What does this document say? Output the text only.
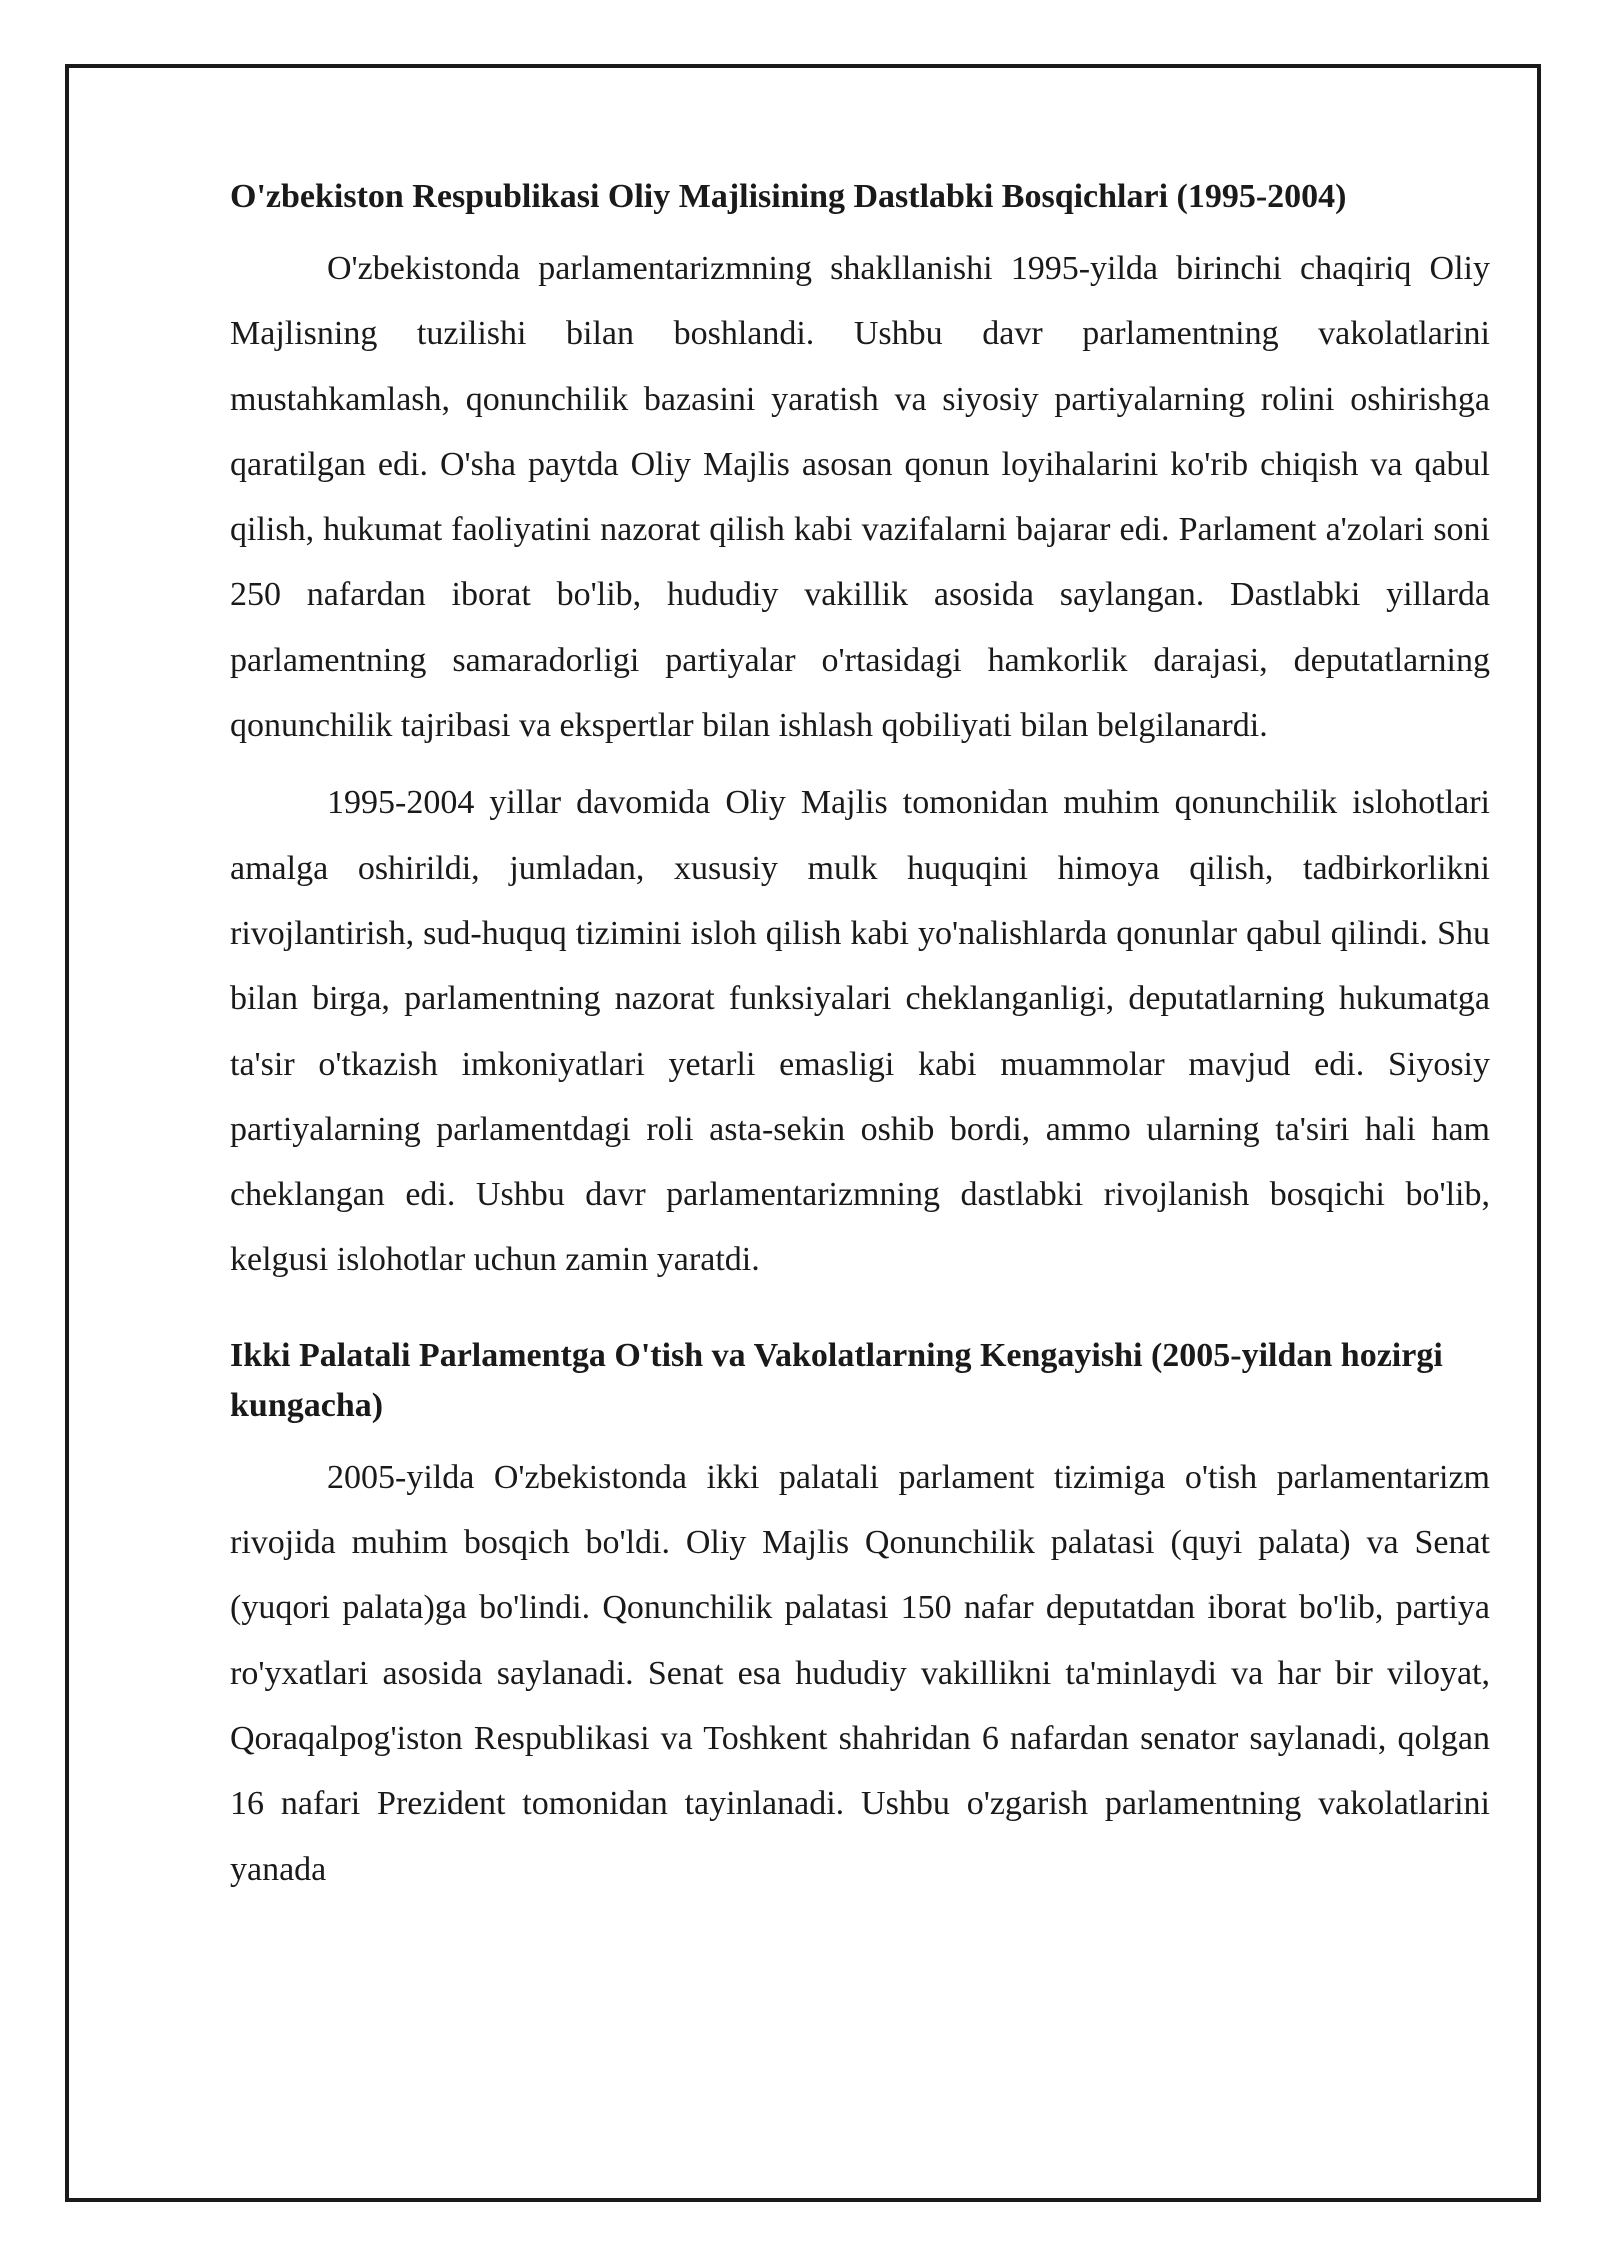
O'zbekiston Respublikasi Oliy Majlisining Dastlabki Bosqichlari (1995-2004)

O'zbekistonda parlamentarizmning shakllanishi 1995-yilda birinchi chaqiriq Oliy Majlisning tuzilishi bilan boshlandi. Ushbu davr parlamentning vakolatlarini mustahkamlash, qonunchilik bazasini yaratish va siyosiy partiyalarning rolini oshirishga qaratilgan edi. O'sha paytda Oliy Majlis asosan qonun loyihalarini ko'rib chiqish va qabul qilish, hukumat faoliyatini nazorat qilish kabi vazifalarni bajarar edi. Parlament a'zolari soni 250 nafardan iborat bo'lib, hududiy vakillik asosida saylangan. Dastlabki yillarda parlamentning samaradorligi partiyalar o'rtasidagi hamkorlik darajasi, deputatlarning qonunchilik tajribasi va ekspertlar bilan ishlash qobiliyati bilan belgilanardi.

1995-2004 yillar davomida Oliy Majlis tomonidan muhim qonunchilik islohotlari amalga oshirildi, jumladan, xususiy mulk huquqini himoya qilish, tadbirkorlikni rivojlantirish, sud-huquq tizimini isloh qilish kabi yo'nalishlarda qonunlar qabul qilindi. Shu bilan birga, parlamentning nazorat funksiyalari cheklanganligi, deputatlarning hukumatga ta'sir o'tkazish imkoniyatlari yetarli emasligi kabi muammolar mavjud edi. Siyosiy partiyalarning parlamentdagi roli asta-sekin oshib bordi, ammo ularning ta'siri hali ham cheklangan edi. Ushbu davr parlamentarizmning dastlabki rivojlanish bosqichi bo'lib, kelgusi islohotlar uchun zamin yaratdi.

Ikki Palatali Parlamentga O'tish va Vakolatlarning Kengayishi (2005-yildan hozirgi kungacha)

2005-yilda O'zbekistonda ikki palatali parlament tizimiga o'tish parlamentarizm rivojida muhim bosqich bo'ldi. Oliy Majlis Qonunchilik palatasi (quyi palata) va Senat (yuqori palata)ga bo'lindi. Qonunchilik palatasi 150 nafar deputatdan iborat bo'lib, partiya ro'yxatlari asosida saylanadi. Senat esa hududiy vakillikni ta'minlaydi va har bir viloyat, Qoraqalpog'iston Respublikasi va Toshkent shahridan 6 nafardan senator saylanadi, qolgan 16 nafari Prezident tomonidan tayinlanadi. Ushbu o'zgarish parlamentning vakolatlarini yanada
